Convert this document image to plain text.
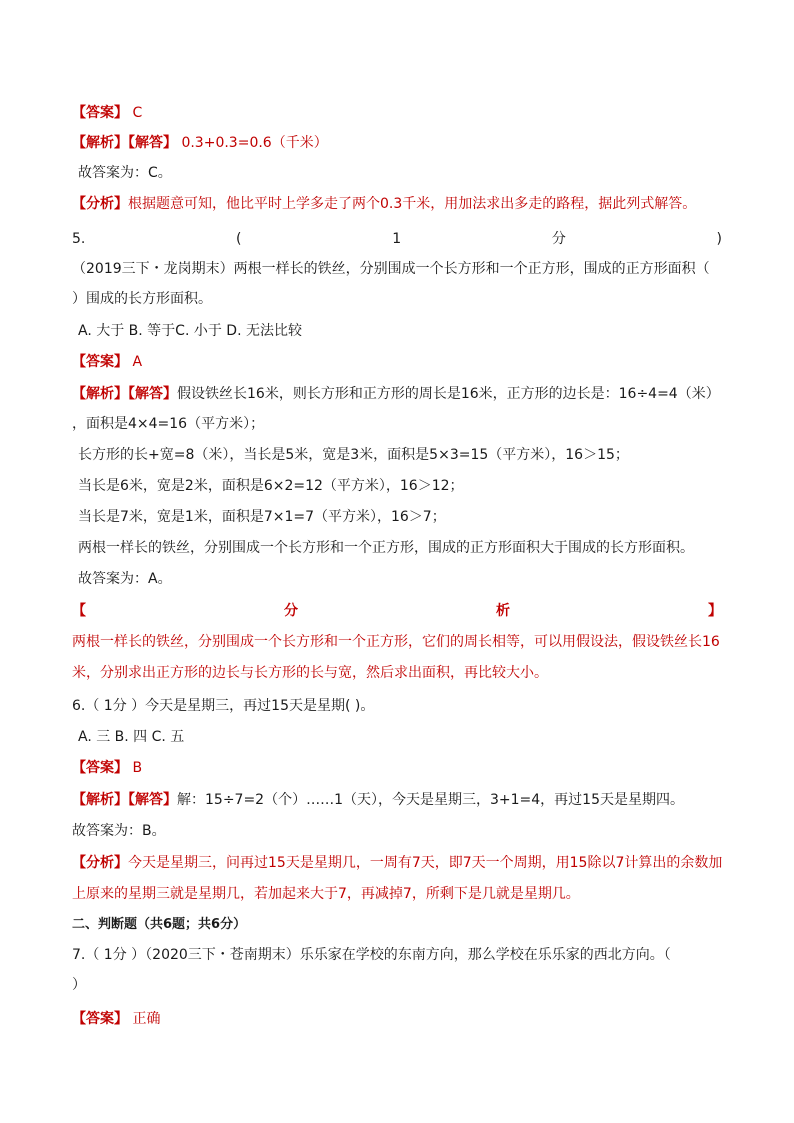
【答案】 C
【解析】【解答】 0.3+0.3=0.6（千米）
故答案为：C。
【分析】根据题意可知，他比平时上学多走了两个0.3千米，用加法求出多走的路程，据此列式解答。
5.	(	1	分	)
（2019三下・龙岗期末）两根一样长的铁丝，分别围成一个长方形和一个正方形，围成的正方形面积（
）围成的长方形面积。
A. 大于 B. 等于C. 小于 D. 无法比较
【答案】 A
【解析】【解答】假设铁丝长16米，则长方形和正方形的周长是16米，正方形的边长是：16÷4=4（米）
，面积是4×4=16（平方米）；
长方形的长+宽=8（米），当长是5米，宽是3米，面积是5×3=15（平方米），16＞15；
当长是6米，宽是2米，面积是6×2=12（平方米），16＞12；
当长是7米，宽是1米，面积是7×1=7（平方米），16＞7；
两根一样长的铁丝，分别围成一个长方形和一个正方形，围成的正方形面积大于围成的长方形面积。
故答案为：A。
【	分	析	】
两根一样长的铁丝，分别围成一个长方形和一个正方形，它们的周长相等，可以用假设法，假设铁丝长16
米，分别求出正方形的边长与长方形的长与宽，然后求出面积，再比较大小。
6.（ 1分 ）今天是星期三，再过15天是星期( )。
A. 三 B. 四 C. 五
【答案】 B
【解析】【解答】解：15÷7=2（个）……1（天），今天是星期三，3+1=4，再过15天是星期四。
故答案为：B。
【分析】今天是星期三，问再过15天是星期几，一周有7天，即7天一个周期，用15除以7计算出的余数加
上原来的星期三就是星期几，若加起来大于7，再减掉7，所剩下是几就是星期几。
二、判断题（共6题；共6分）
7.（ 1分 ）（2020三下・苍南期末）乐乐家在学校的东南方向，那么学校在乐乐家的西北方向。（
）
【答案】 正确
